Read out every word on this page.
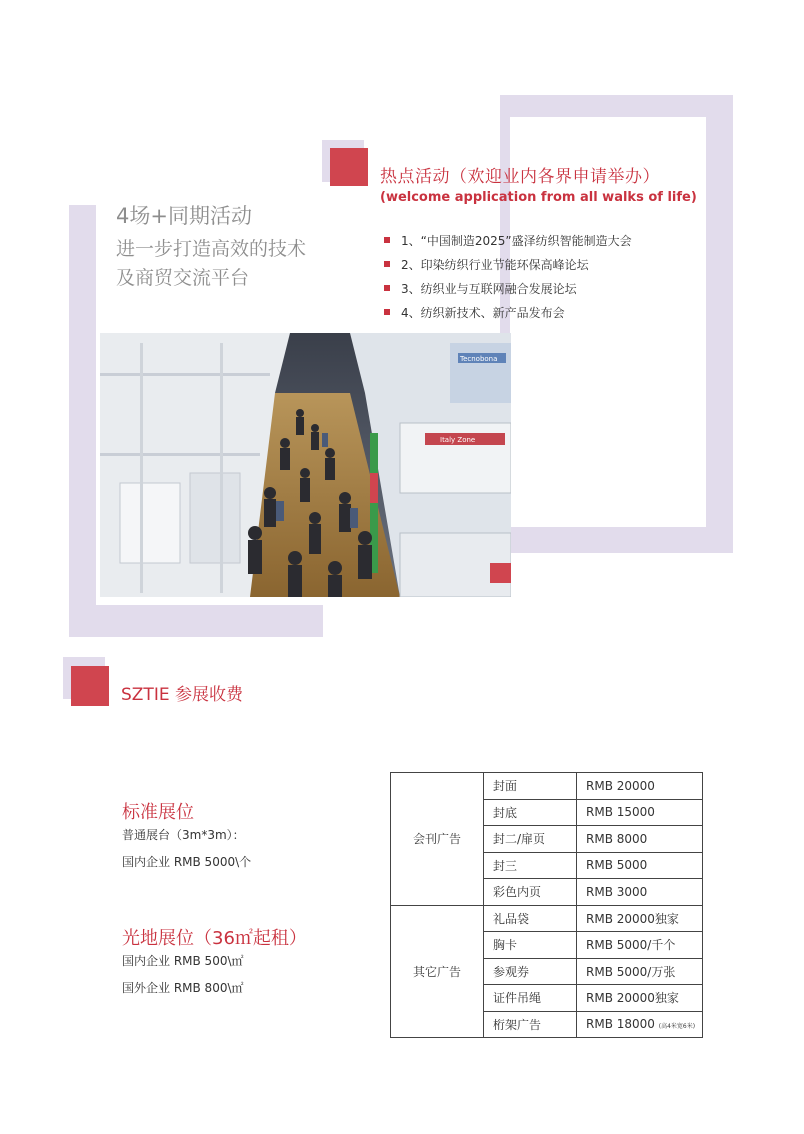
热点活动（欢迎业内各界申请举办）
(welcome application from all walks of life)
1、“中国制造2025”盛泽纺织智能制造大会
2、印染纺织行业节能环保高峰论坛
3、纺织业与互联网融合发展论坛
4、纺织新技术、新产品发布会
4场+同期活动
进一步打造高效的技术
及商贸交流平台
Tecnobona
Italy Zone
SZTIE 参展收费
标准展位
普通展台（3m*3m）：
国内企业 RMB 5000\个
光地展位（36㎡起租）
国内企业 RMB 500\㎡
国外企业 RMB 800\㎡
会刊广告	封面	RMB 20000
	封底	RMB 15000
	封二/扉页	RMB 8000
	封三	RMB 5000
	彩色内页	RMB 3000
其它广告	礼品袋	RMB 20000独家
	胸卡	RMB 5000/千个
	参观券	RMB 5000/万张
	证件吊绳	RMB 20000独家
	桁架广告	RMB 18000 (高4米宽6米)
